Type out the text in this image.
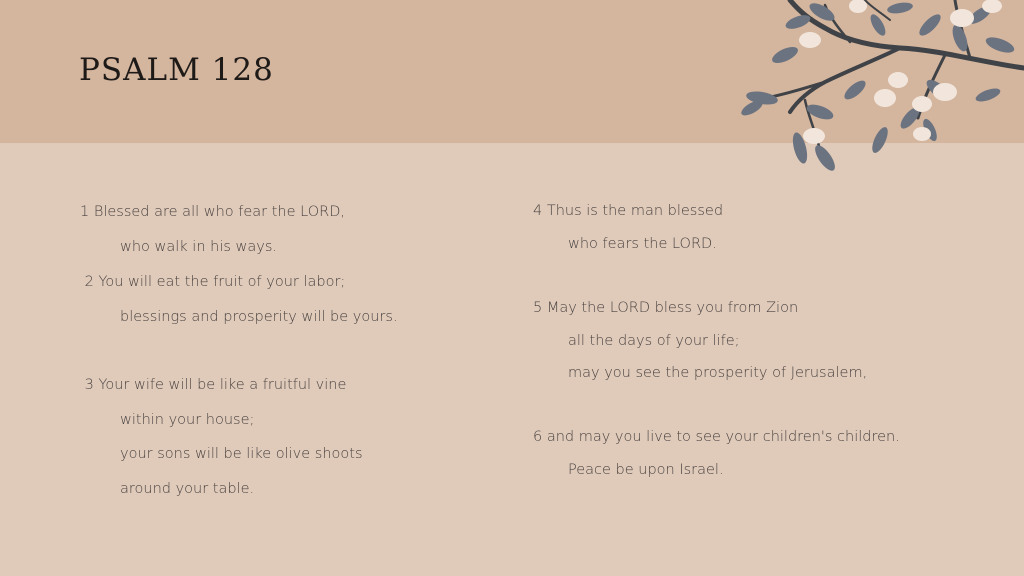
PSALM 128
1 Blessed are all who fear the LORD,
who walk in his ways.
2 You will eat the fruit of your labor;
blessings and prosperity will be yours.
3 Your wife will be like a fruitful vine
within your house;
your sons will be like olive shoots
around your table.
4 Thus is the man blessed
who fears the LORD.
5 May the LORD bless you from Zion
all the days of your life;
may you see the prosperity of Jerusalem,
6 and may you live to see your children's children.
Peace be upon Israel.
